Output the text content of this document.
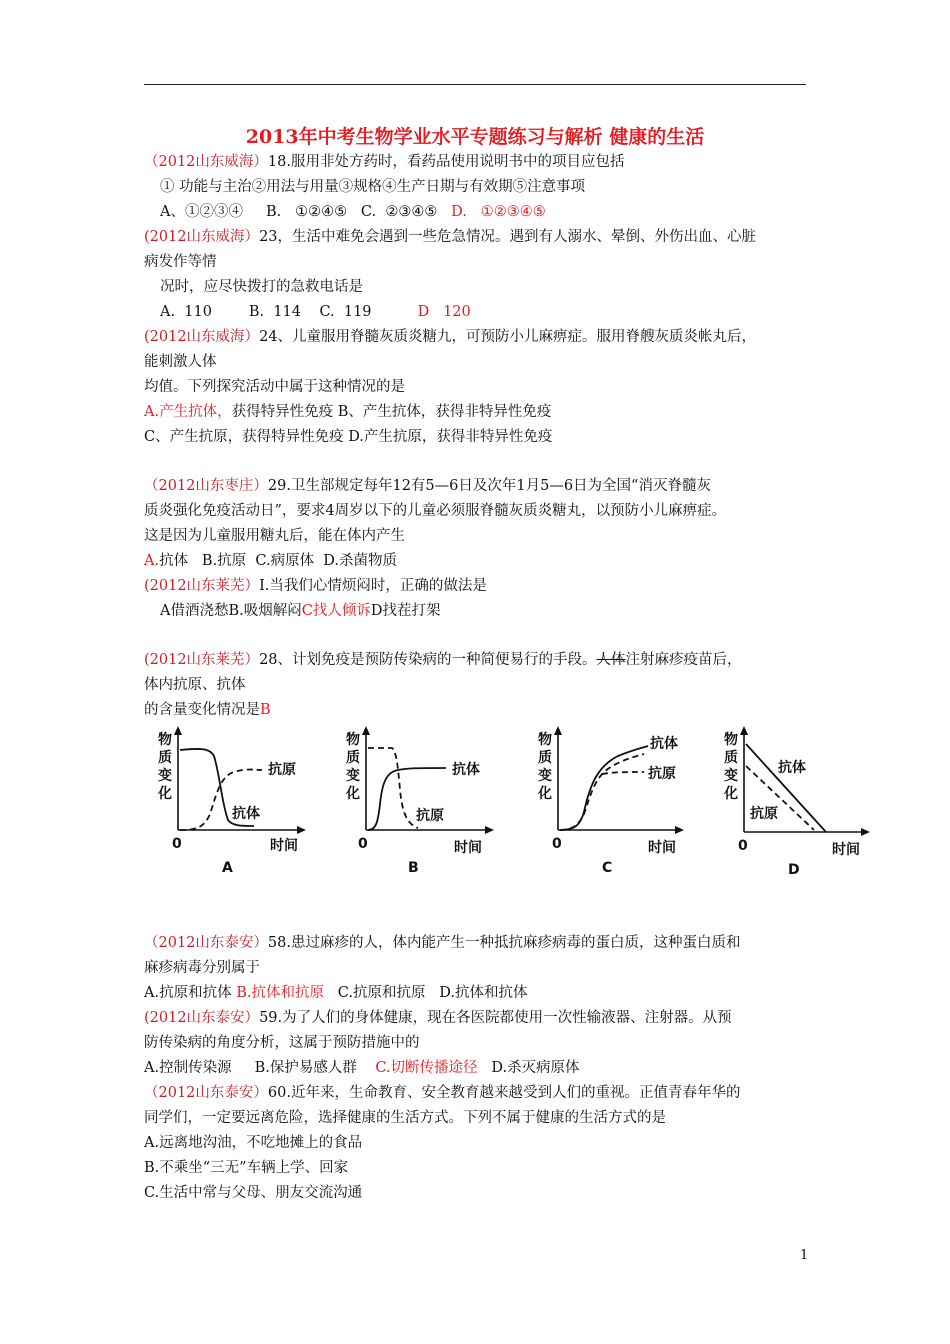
2013年中考生物学业水平专题练习与解析 健康的生活
（2012山东威海）18.服用非处方药时，看药品使用说明书中的项目应包括
① 功能与主治②用法与用量③规格④生产日期与有效期⑤注意事项
A、①②③④     B.   ①②④⑤   C.  ②③④⑤   D.   ①②③④⑤
(2012山东威海）23，生活中难免会遇到一些危急情况。遇到有人溺水、晕倒、外伤出血、心脏
病发作等情
况时，应尽快拨打的急救电话是
A.  110        B.  114    C.  119          D   120
(2012山东威海）24、儿童服用脊髓灰质炎糖九，可预防小儿麻痹症。服用脊艘灰质炎帐丸后，
能刺激人体
均值。下列探究活动中属于这种情况的是
A.产生抗体，获得特异性免疫 B、产生抗体，获得非特异性免疫
C、产生抗原，获得特异性免疫 D.产生抗原，获得非特异性免疫
（2012山东枣庄）29.卫生部规定每年12有5—6日及次年1月5—6日为全国“消灭脊髓灰
质炎强化免疫活动日”，要求4周岁以下的儿童必须服脊髓灰质炎糖丸，以预防小儿麻痹症。
这是因为儿童服用糖丸后，能在体内产生
A.抗体   B.抗原  C.病原体  D.杀菌物质
(2012山东莱芜）I.当我们心情烦闷时，正确的做法是
A借酒浇愁B.吸烟解闷C找人倾诉D找茬打架
(2012山东莱芜）28、计划免疫是预防传染病的一种简便易行的手段。人体注射麻疹疫苗后，
体内抗原、抗体
的含量变化情况是B
物
质
变
化
0	时间
A
抗原
抗体
物
质
变
化
0	时间
B
抗体
抗原
物
质
变
化
0	时间
C
抗体
抗原
物
质
变
化
0	时间
D
抗体
抗原
（2012山东泰安）58.患过麻疹的人，体内能产生一种抵抗麻疹病毒的蛋白质，这种蛋白质和
麻疹病毒分别属于
A.抗原和抗体 B.抗体和抗原   C.抗原和抗原   D.抗体和抗体
(2012山东泰安）59.为了人们的身体健康，现在各医院都使用一次性输液器、注射器。从预
防传染病的角度分析，这属于预防措施中的
A.控制传染源     B.保护易感人群    C.切断传播途径   D.杀灭病原体
（2012山东泰安）60.近年来，生命教育、安全教育越来越受到人们的重视。正值青春年华的
同学们，一定要远离危险，选择健康的生活方式。下列不属于健康的生活方式的是
A.远离地沟油，不吃地摊上的食品
B.不乘坐“三无”车辆上学、回家
C.生活中常与父母、朋友交流沟通
1
